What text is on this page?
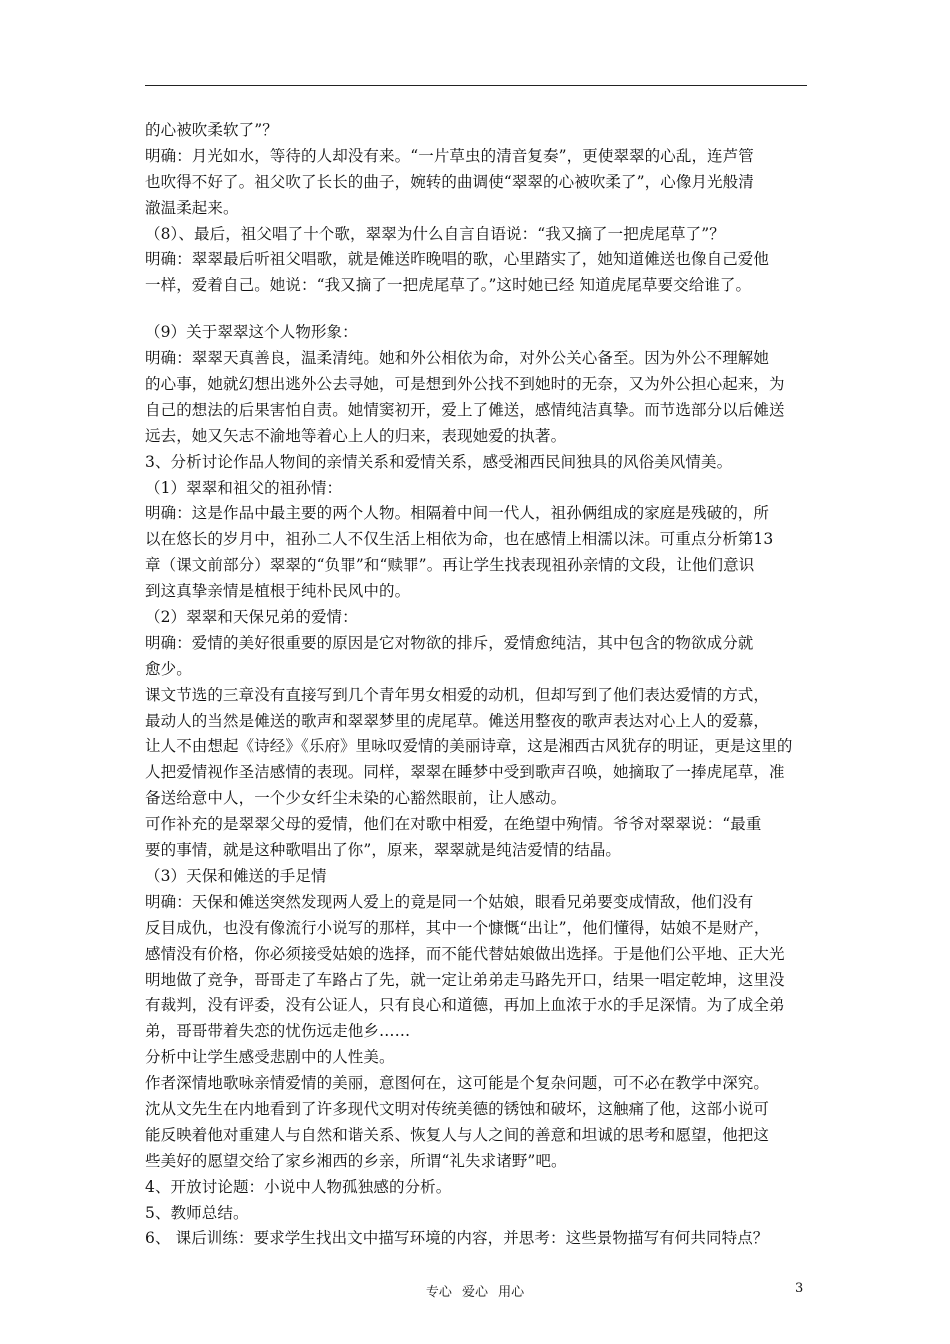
的心被吹柔软了”？
明确：月光如水，等待的人却没有来。“一片草虫的清音复奏”，更使翠翠的心乱，连芦管
也吹得不好了。祖父吹了长长的曲子，婉转的曲调使“翠翠的心被吹柔了”，心像月光般清
澈温柔起来。
（8）、最后，祖父唱了十个歌，翠翠为什么自言自语说：“我又摘了一把虎尾草了”？
明确：翠翠最后听祖父唱歌，就是傩送昨晚唱的歌，心里踏实了，她知道傩送也像自己爱他
一样，爱着自己。她说：“我又摘了一把虎尾草了。”这时她已经 知道虎尾草要交给谁了。
（9）关于翠翠这个人物形象：
明确：翠翠天真善良，温柔清纯。她和外公相依为命，对外公关心备至。因为外公不理解她
的心事，她就幻想出逃外公去寻她，可是想到外公找不到她时的无奈，又为外公担心起来，为
自己的想法的后果害怕自责。她情窦初开，爱上了傩送，感情纯洁真挚。而节选部分以后傩送
远去，她又矢志不渝地等着心上人的归来，表现她爱的执著。
3、分析讨论作品人物间的亲情关系和爱情关系，感受湘西民间独具的风俗美风情美。
（1）翠翠和祖父的祖孙情：
明确：这是作品中最主要的两个人物。相隔着中间一代人，祖孙俩组成的家庭是残破的，所
以在悠长的岁月中，祖孙二人不仅生活上相依为命，也在感情上相濡以沫。可重点分析第13
章（课文前部分）翠翠的“负罪”和“赎罪”。再让学生找表现祖孙亲情的文段，让他们意识
到这真挚亲情是植根于纯朴民风中的。
（2）翠翠和天保兄弟的爱情：
明确：爱情的美好很重要的原因是它对物欲的排斥，爱情愈纯洁，其中包含的物欲成分就
愈少。
课文节选的三章没有直接写到几个青年男女相爱的动机，但却写到了他们表达爱情的方式，
最动人的当然是傩送的歌声和翠翠梦里的虎尾草。傩送用整夜的歌声表达对心上人的爱慕，
让人不由想起《诗经》《乐府》里咏叹爱情的美丽诗章，这是湘西古风犹存的明证，更是这里的
人把爱情视作圣洁感情的表现。同样，翠翠在睡梦中受到歌声召唤，她摘取了一捧虎尾草，准
备送给意中人，一个少女纤尘未染的心豁然眼前，让人感动。
可作补充的是翠翠父母的爱情，他们在对歌中相爱，在绝望中殉情。爷爷对翠翠说：“最重
要的事情，就是这种歌唱出了你”，原来，翠翠就是纯洁爱情的结晶。
（3）天保和傩送的手足情
明确：天保和傩送突然发现两人爱上的竟是同一个姑娘，眼看兄弟要变成情敌，他们没有
反目成仇，也没有像流行小说写的那样，其中一个慷慨“出让”，他们懂得，姑娘不是财产，
感情没有价格，你必须接受姑娘的选择，而不能代替姑娘做出选择。于是他们公平地、正大光
明地做了竞争，哥哥走了车路占了先，就一定让弟弟走马路先开口，结果一唱定乾坤，这里没
有裁判，没有评委，没有公证人，只有良心和道德，再加上血浓于水的手足深情。为了成全弟
弟，哥哥带着失恋的忧伤远走他乡……
分析中让学生感受悲剧中的人性美。
作者深情地歌咏亲情爱情的美丽，意图何在，这可能是个复杂问题，可不必在教学中深究。
沈从文先生在内地看到了许多现代文明对传统美德的锈蚀和破坏，这触痛了他，这部小说可
能反映着他对重建人与自然和谐关系、恢复人与人之间的善意和坦诚的思考和愿望，他把这
些美好的愿望交给了家乡湘西的乡亲，所谓“礼失求诸野”吧。
4、开放讨论题：小说中人物孤独感的分析。
5、教师总结。
6、 课后训练：要求学生找出文中描写环境的内容，并思考：这些景物描写有何共同特点？
专心 爱心 用心	3
